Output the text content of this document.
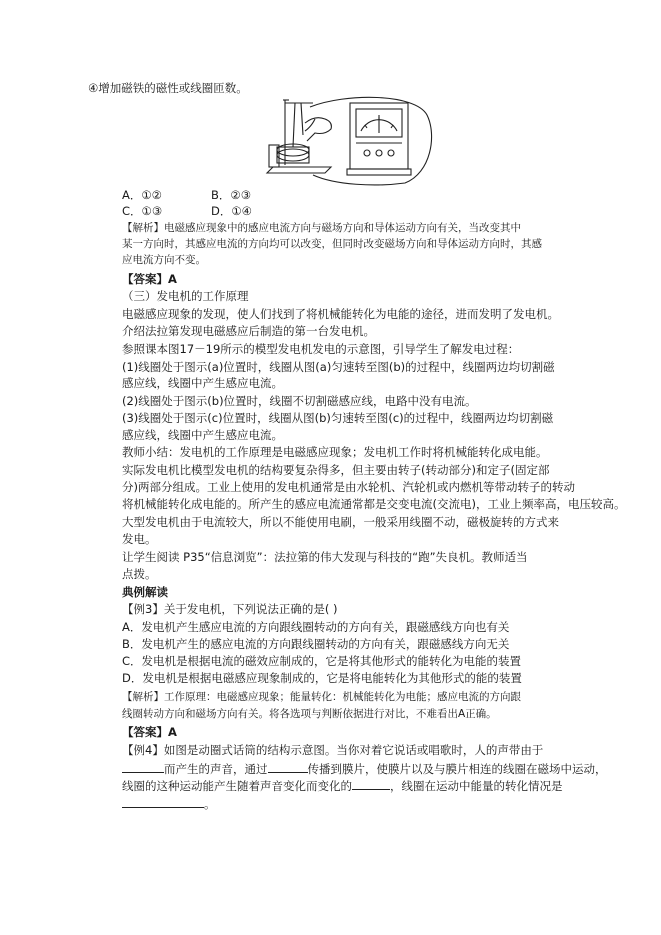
④增加磁铁的磁性或线圈匝数。
A．①②	B．②③
C．①③	D．①④
【解析】电磁感应现象中的感应电流方向与磁场方向和导体运动方向有关，当改变其中
某一方向时，其感应电流的方向均可以改变，但同时改变磁场方向和导体运动方向时，其感
应电流方向不变。
【答案】A
（三）发电机的工作原理
电磁感应现象的发现，使人们找到了将机械能转化为电能的途径，进而发明了发电机。
介绍法拉第发现电磁感应后制造的第一台发电机。
参照课本图17－19所示的模型发电机发电的示意图，引导学生了解发电过程：
(1)线圈处于图示(a)位置时，线圈从图(a)匀速转至图(b)的过程中，线圈两边均切割磁
感应线，线圈中产生感应电流。
(2)线圈处于图示(b)位置时，线圈不切割磁感应线，电路中没有电流。
(3)线圈处于图示(c)位置时，线圈从图(b)匀速转至图(c)的过程中，线圈两边均切割磁
感应线，线圈中产生感应电流。
教师小结：发电机的工作原理是电磁感应现象；发电机工作时将机械能转化成电能。
实际发电机比模型发电机的结构要复杂得多，但主要由转子(转动部分)和定子(固定部
分)两部分组成。工业上使用的发电机通常是由水轮机、汽轮机或内燃机等带动转子的转动
将机械能转化成电能的。所产生的感应电流通常都是交变电流(交流电)，工业上频率高，电压较高。
大型发电机由于电流较大，所以不能使用电刷，一般采用线圈不动，磁极旋转的方式来
发电。
让学生阅读 P35“信息浏览”：法拉第的伟大发现与科技的“跑”失良机。教师适当
点拨。
典例解读
【例3】关于发电机，下列说法正确的是( )
A．发电机产生感应电流的方向跟线圈转动的方向有关，跟磁感线方向也有关
B．发电机产生的感应电流的方向跟线圈转动的方向有关，跟磁感线方向无关
C．发电机是根据电流的磁效应制成的，它是将其他形式的能转化为电能的装置
D．发电机是根据电磁感应现象制成的，它是将电能转化为其他形式的能的装置
【解析】工作原理：电磁感应现象；能量转化：机械能转化为电能；感应电流的方向跟
线圈转动方向和磁场方向有关。将各选项与判断依据进行对比，不难看出A正确。
【答案】A
【例4】如图是动圈式话筒的结构示意图。当你对着它说话或唱歌时，人的声带由于
而产生的声音，通过	传播到膜片，使膜片以及与膜片相连的线圈在磁场中运动，
线圈的这种运动能产生随着声音变化而变化的	，线圈在运动中能量的转化情况是
。
